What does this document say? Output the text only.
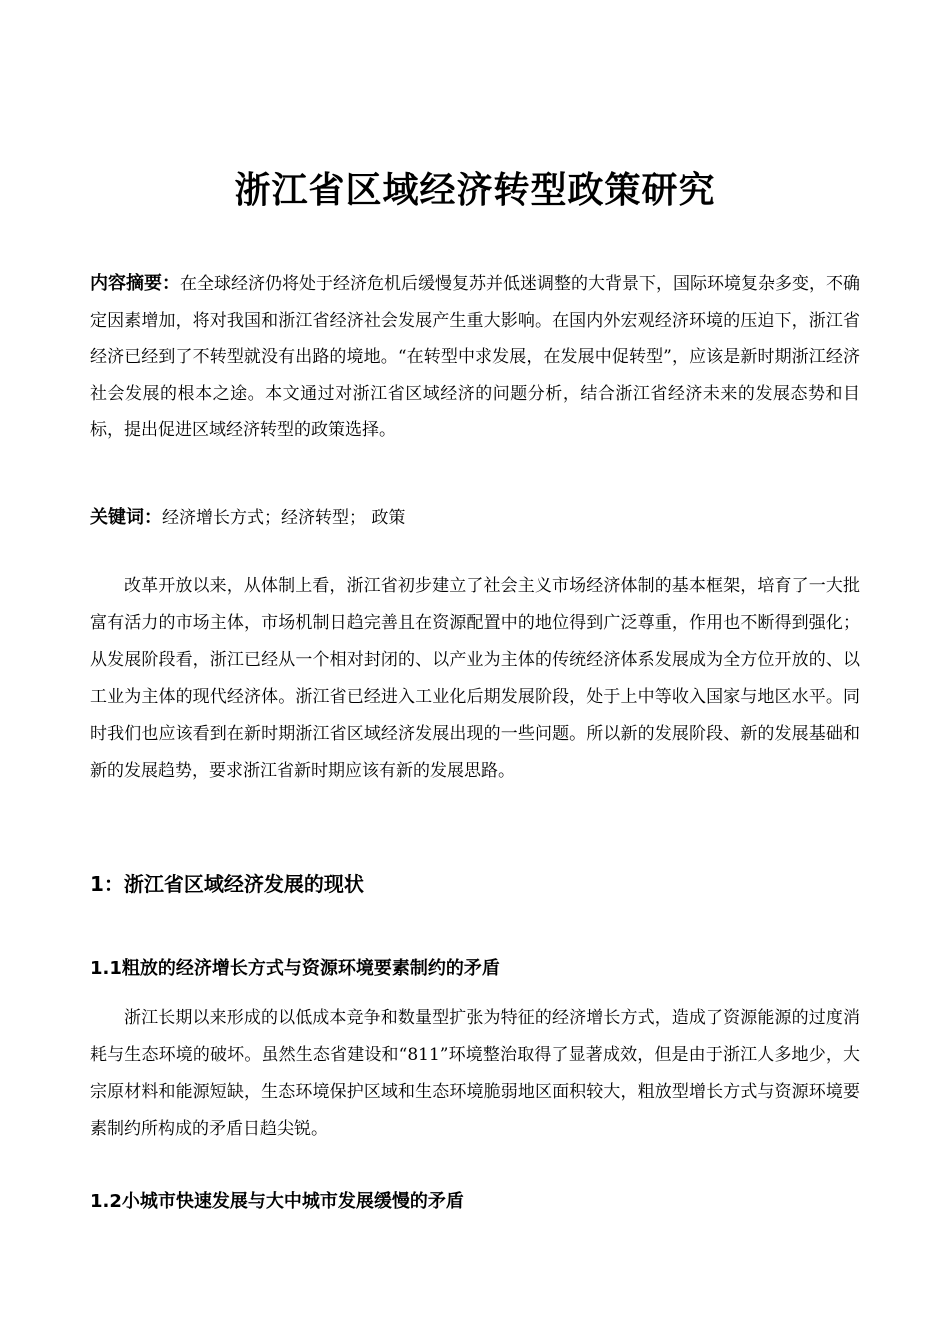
浙江省区域经济转型政策研究
内容摘要：在全球经济仍将处于经济危机后缓慢复苏并低迷调整的大背景下，国际环境复杂多变，不确定因素增加，将对我国和浙江省经济社会发展产生重大影响。在国内外宏观经济环境的压迫下，浙江省经济已经到了不转型就没有出路的境地。“在转型中求发展，在发展中促转型”，应该是新时期浙江经济社会发展的根本之途。本文通过对浙江省区域经济的问题分析，结合浙江省经济未来的发展态势和目标，提出促进区域经济转型的政策选择。
关键词：经济增长方式；经济转型； 政策
改革开放以来，从体制上看，浙江省初步建立了社会主义市场经济体制的基本框架，培育了一大批富有活力的市场主体，市场机制日趋完善且在资源配置中的地位得到广泛尊重，作用也不断得到强化；从发展阶段看，浙江已经从一个相对封闭的、以产业为主体的传统经济体系发展成为全方位开放的、以工业为主体的现代经济体。浙江省已经进入工业化后期发展阶段，处于上中等收入国家与地区水平。同时我们也应该看到在新时期浙江省区域经济发展出现的一些问题。所以新的发展阶段、新的发展基础和新的发展趋势，要求浙江省新时期应该有新的发展思路。
1：浙江省区域经济发展的现状
1.1粗放的经济增长方式与资源环境要素制约的矛盾
浙江长期以来形成的以低成本竞争和数量型扩张为特征的经济增长方式，造成了资源能源的过度消耗与生态环境的破坏。虽然生态省建设和“811”环境整治取得了显著成效，但是由于浙江人多地少，大宗原材料和能源短缺，生态环境保护区域和生态环境脆弱地区面积较大，粗放型增长方式与资源环境要素制约所构成的矛盾日趋尖锐。
1.2小城市快速发展与大中城市发展缓慢的矛盾
